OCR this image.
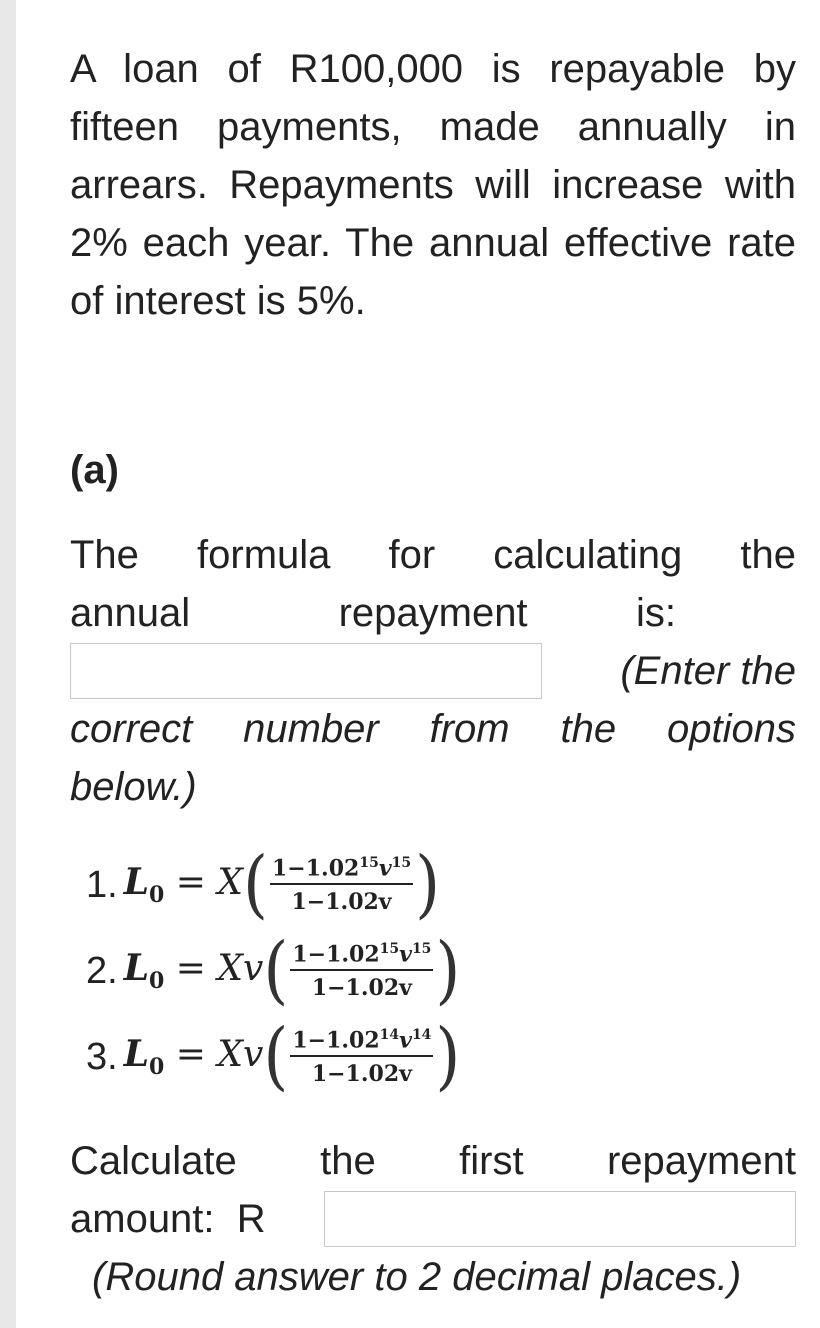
A loan of R100,000 is repayable by fifteen payments, made annually in arrears. Repayments will increase with 2% each year. The annual effective rate of interest is 5%.

(a)

The formula for calculating the
annual	repayment	is:
(Enter the
correct number from the options
below.)
1. $L_0 = X$ ( $\frac{1-1.02^{15}v^{15}}{1-1.02v}$ )
2. $L_0 = Xv$ ( $\frac{1-1.02^{15}v^{15}}{1-1.02v}$ )
3. $L_0 = Xv$ ( $\frac{1-1.02^{14}v^{14}}{1-1.02v}$ )
Calculate the first repayment
amount:  R
(Round answer to 2 decimal places.)
